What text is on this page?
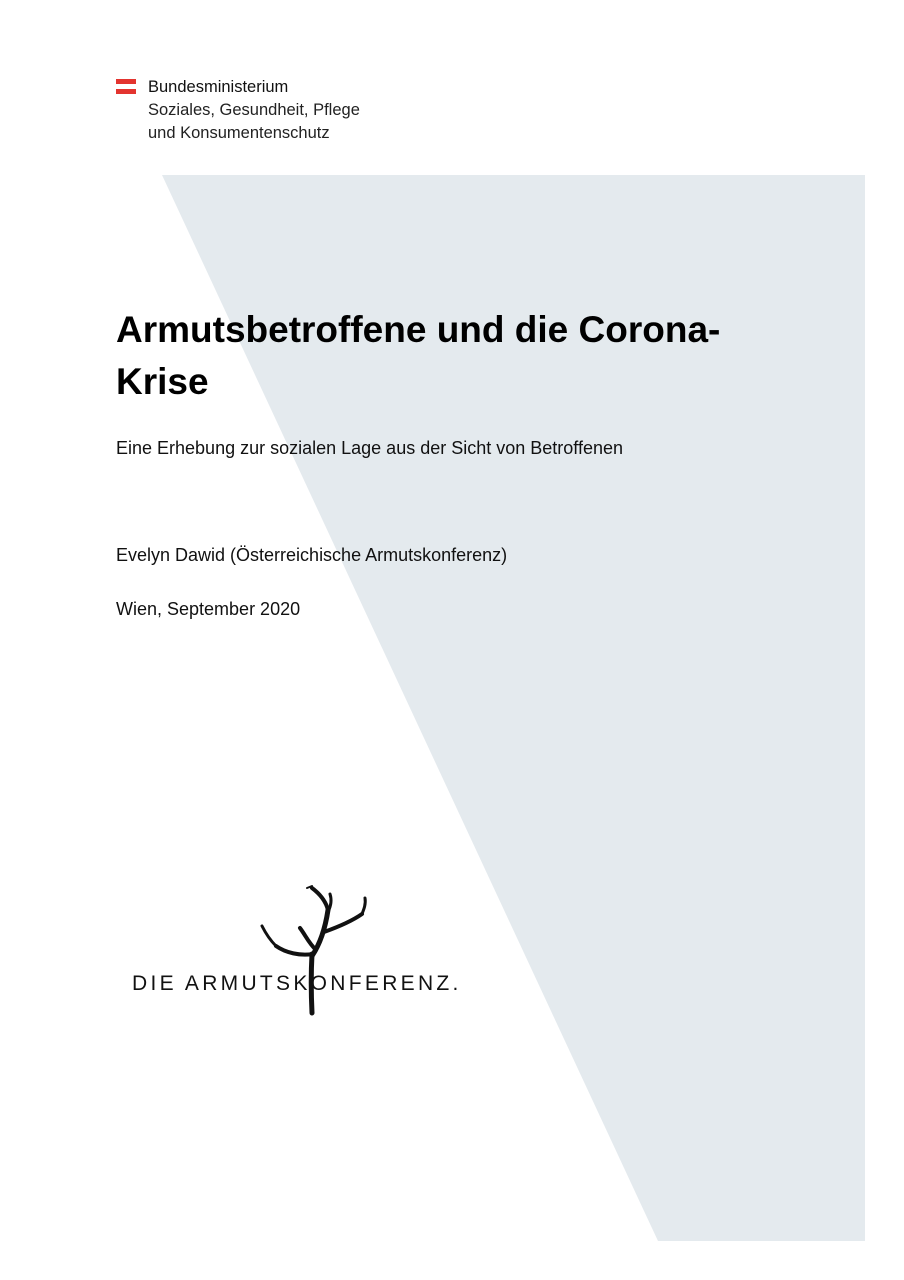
Bundesministerium
Soziales, Gesundheit, Pflege
und Konsumentenschutz
Armutsbetroffene und die Corona-Krise
Eine Erhebung zur sozialen Lage aus der Sicht von Betroffenen
Evelyn Dawid (Österreichische Armutskonferenz)
Wien, September 2020
DIE ARMUTSKONFERENZ.
